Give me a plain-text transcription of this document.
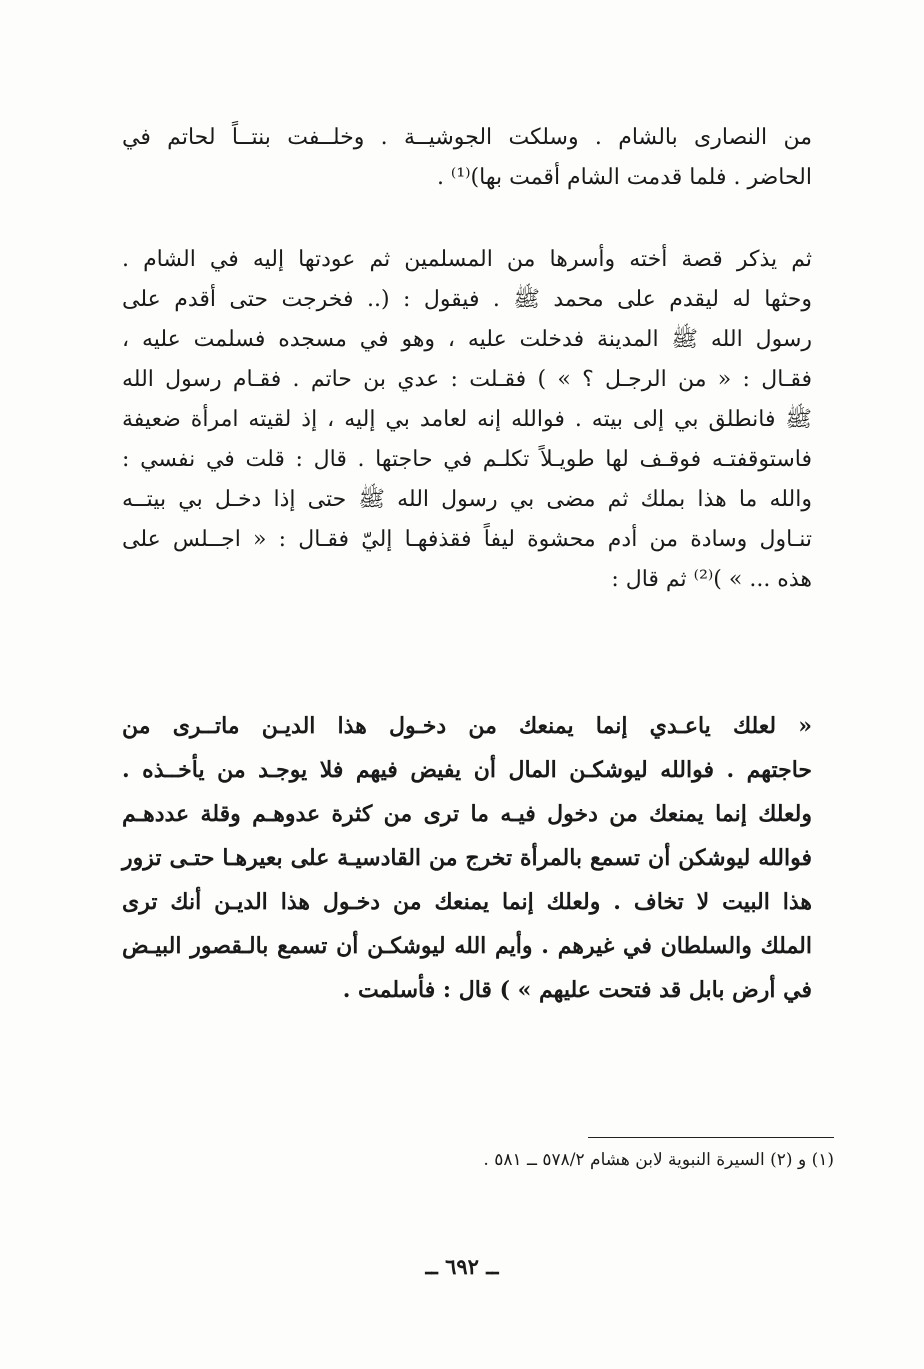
من النصارى بالشام . وسلكت الجوشيــة . وخلــفت بنتــاً لحاتم في
الحاضر . فلما قدمت الشام أقمت بها)⁽¹⁾ .
ثم يذكر قصة أخته وأسرها من المسلمين ثم عودتها إليه في الشام .
وحثها له ليقدم على محمد ﷺ . فيقول : (.. فخرجت حتى أقدم على
رسول الله ﷺ المدينة فدخلت عليه ، وهو في مسجده فسلمت عليه ،
فقـال : « من الرجـل ؟ » ) فقـلت : عدي بن حاتم . فقـام رسول الله
ﷺ فانطلق بي إلى بيته . فوالله إنه لعامد بي إليه ، إذ لقيته امرأة ضعيفة
فاستوقفتـه فوقـف لها طويـلاً تكلـم في حاجتها . قال : قلت في نفسي :
والله ما هذا بملك ثم مضى بي رسول الله ﷺ حتى إذا دخـل بي بيتــه
تنـاول وسادة من أدم محشوة ليفاً فقذفهـا إليّ فقـال : « اجــلس على
هذه ... » )⁽²⁾ ثم قال :
« لعلك ياعـدي إنما يمنعك من دخـول هذا الديـن ماتــرى من
حاجتهم . فوالله ليوشكـن المال أن يفيض فيهم فلا يوجـد من يأخــذه .
ولعلك إنما يمنعك من دخول فيـه ما ترى من كثرة عدوهـم وقلة عددهـم
فوالله ليوشكن أن تسمع بالمرأة تخرج من القادسيـة على بعيرهـا حتـى تزور
هذا البيت لا تخاف . ولعلك إنما يمنعك من دخـول هذا الديـن أنك ترى
الملك والسلطان في غيرهم . وأيم الله ليوشكـن أن تسمع بالـقصور البيـض
في أرض بابل قد فتحت عليهم » ) قال : فأسلمت .
(١) و (٢) السيرة النبوية لابن هشام ٥٧٨/٢ ــ ٥٨١ .
ــ ٦٩٢ ــ
